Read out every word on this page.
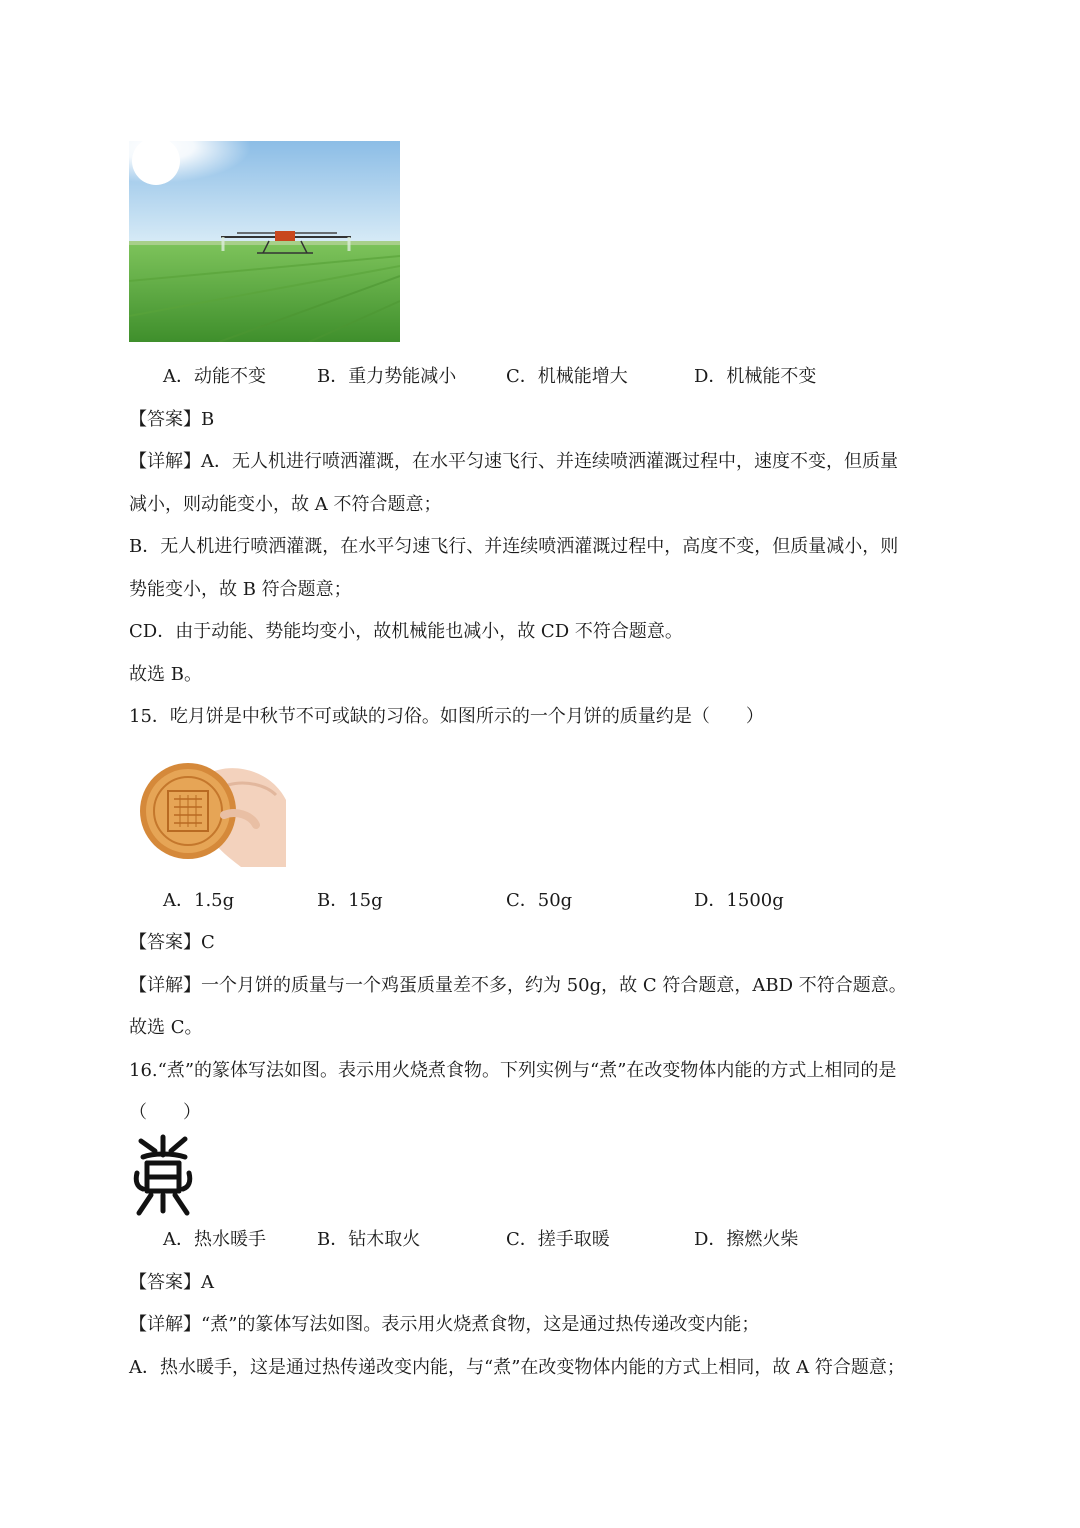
A．动能不变	B．重力势能减小	C．机械能增大	D．机械能不变
【答案】B
【详解】A．无人机进行喷洒灌溉，在水平匀速飞行、并连续喷洒灌溉过程中，速度不变，但质量
减小，则动能变小，故 A 不符合题意；
B．无人机进行喷洒灌溉，在水平匀速飞行、并连续喷洒灌溉过程中，高度不变，但质量减小，则
势能变小，故 B 符合题意；
CD．由于动能、势能均变小，故机械能也减小，故 CD 不符合题意。
故选 B。
15．吃月饼是中秋节不可或缺的习俗。如图所示的一个月饼的质量约是（　　）
A．1.5g	B．15g	C．50g	D．1500g
【答案】C
【详解】一个月饼的质量与一个鸡蛋质量差不多，约为 50g，故 C 符合题意，ABD 不符合题意。
故选 C。
16.“煮”的篆体写法如图。表示用火烧煮食物。下列实例与“煮”在改变物体内能的方式上相同的是
（　　）
A．热水暖手	B．钻木取火	C．搓手取暖	D．擦燃火柴
【答案】A
【详解】“煮”的篆体写法如图。表示用火烧煮食物，这是通过热传递改变内能；
A．热水暖手，这是通过热传递改变内能，与“煮”在改变物体内能的方式上相同，故 A 符合题意；
